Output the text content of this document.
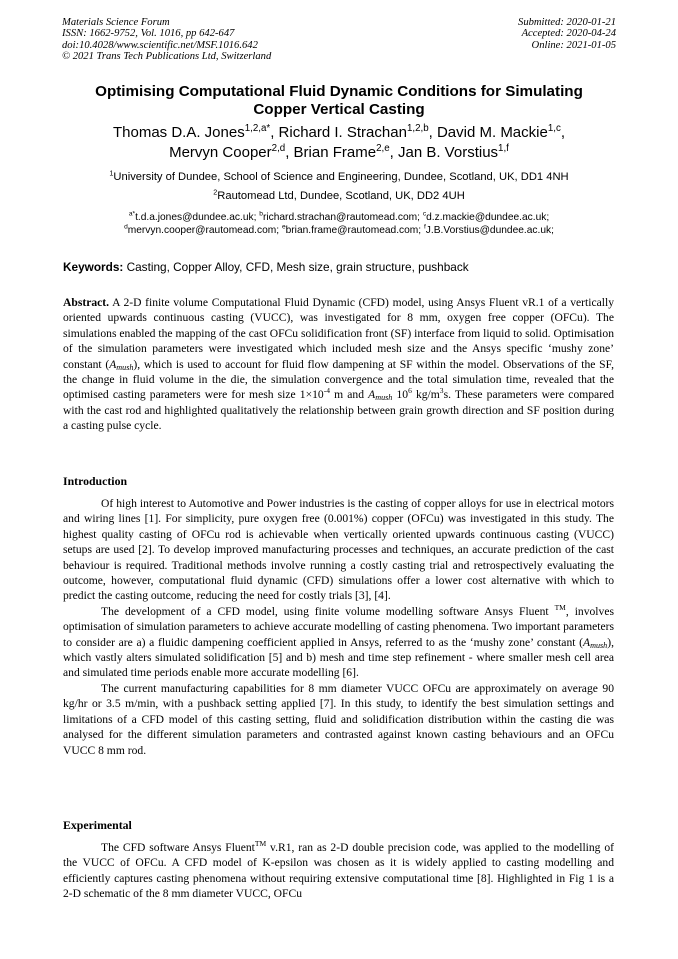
Materials Science Forum
ISSN: 1662-9752, Vol. 1016, pp 642-647
doi:10.4028/www.scientific.net/MSF.1016.642
© 2021 Trans Tech Publications Ltd, Switzerland
Submitted: 2020-01-21
Accepted: 2020-04-24
Online: 2021-01-05
Optimising Computational Fluid Dynamic Conditions for Simulating
Copper Vertical Casting
Thomas D.A. Jones$^{1,2,a*}$, Richard I. Strachan$^{1,2,b}$, David M. Mackie$^{1,c}$,
Mervyn Cooper$^{2,d}$, Brian Frame$^{2,e}$, Jan B. Vorstius$^{1,f}$
$^1$University of Dundee, School of Science and Engineering, Dundee, Scotland, UK, DD1 4NH
$^2$Rautomead Ltd, Dundee, Scotland, UK, DD2 4UH
$^{a*}$t.d.a.jones@dundee.ac.uk; $^b$richard.strachan@rautomead.com; $^c$d.z.mackie@dundee.ac.uk;
$^d$mervyn.cooper@rautomead.com; $^e$brian.frame@rautomead.com; $^f$J.B.Vorstius@dundee.ac.uk;
Keywords: Casting, Copper Alloy, CFD, Mesh size, grain structure, pushback

Abstract. A 2-D finite volume Computational Fluid Dynamic (CFD) model, using Ansys Fluent vR.1 of a vertically oriented upwards continuous casting (VUCC), was investigated for 8 mm, oxygen free copper (OFCu). The simulations enabled the mapping of the cast OFCu solidification front (SF) interface from liquid to solid. Optimisation of the simulation parameters were investigated which included mesh size and the Ansys specific ‘mushy zone’ constant $(A_{mush})$, which is used to account for fluid flow dampening at SF within the model. Observations of the SF, the change in fluid volume in the die, the simulation convergence and the total simulation time, revealed that the optimised casting parameters were for mesh size $1\times 10^{-4}$ m and $A_{mush}$ $10^6$ $kg/m^3s$. These parameters were compared with the cast rod and highlighted qualitatively the relationship between grain growth direction and SF position during a casting pulse cycle.

Introduction

Of high interest to Automotive and Power industries is the casting of copper alloys for use in electrical motors and wiring lines [1]. For simplicity, pure oxygen free (0.001%) copper (OFCu) was investigated in this study. The highest quality casting of OFCu rod is achievable when vertically oriented upwards continuous casting (VUCC) setups are used [2]. To develop improved manufacturing processes and techniques, an accurate prediction of the cast behaviour is required. Traditional methods involve running a costly casting trial and retrospectively evaluating the outcome, however, computational fluid dynamic (CFD) simulations offer a lower cost alternative with which to predict the casting outcome, reducing the need for costly trials [3], [4].

The development of a CFD model, using finite volume modelling software Ansys Fluent ™, involves optimisation of simulation parameters to achieve accurate modelling of casting phenomena. Two important parameters to consider are a) a fluidic dampening coefficient applied in Ansys, referred to as the ‘mushy zone’ constant $(A_{mush})$, which vastly alters simulated solidification [5] and b) mesh and time step refinement - where smaller mesh cell area and simulated time periods enable more accurate modelling [6].

The current manufacturing capabilities for 8 mm diameter VUCC OFCu are approximately on average 90 kg/hr or 3.5 m/min, with a pushback setting applied [7]. In this study, to identify the best simulation settings and limitations of a CFD model of this casting setting, fluid and solidification distribution within the casting die was analysed for the different simulation parameters and contrasted against known casting behaviours and an OFCu VUCC 8 mm rod.

Experimental

The CFD software Ansys Fluent™ v.R1, ran as 2-D double precision code, was applied to the modelling of the VUCC of OFCu. A CFD model of K-epsilon was chosen as it is widely applied to casting modelling and efficiently captures casting phenomena without requiring extensive computational time [8]. Highlighted in Fig 1 is a 2-D schematic of the 8 mm diameter VUCC, OFCu
